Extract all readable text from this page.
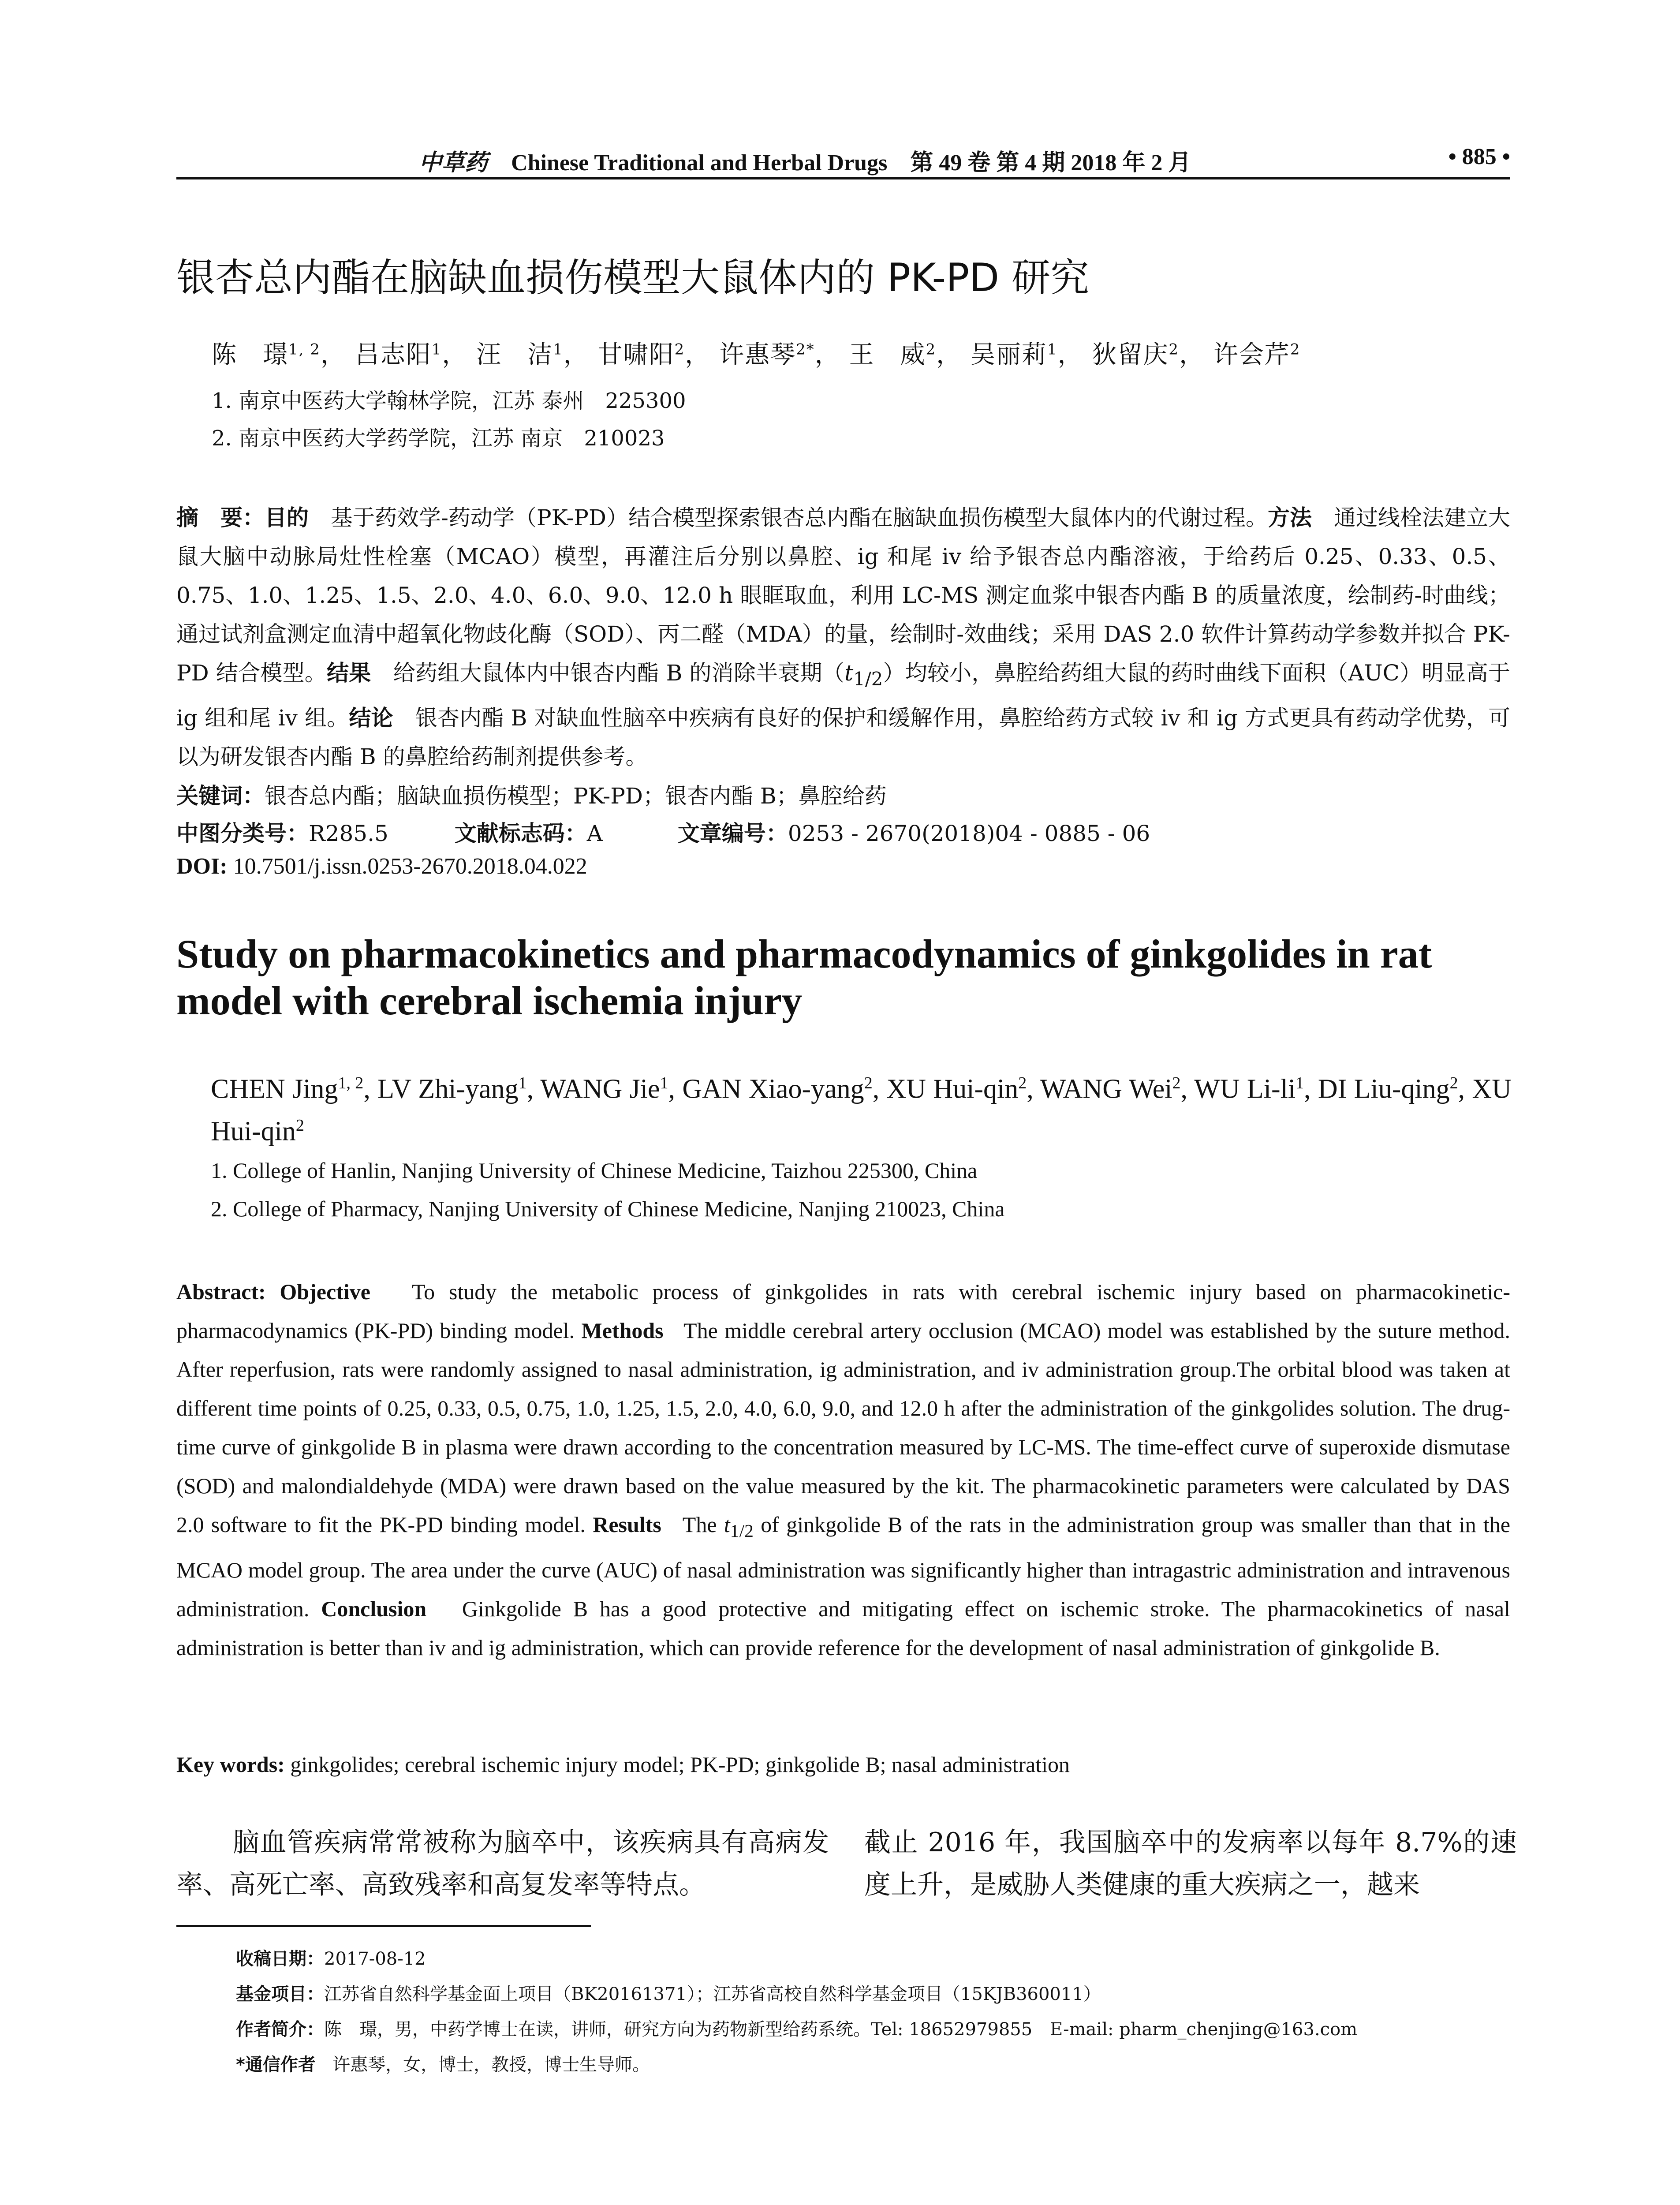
中草药 Chinese Traditional and Herbal Drugs　第 49 卷 第 4 期 2018 年 2 月	• 885 •
银杏总内酯在脑缺血损伤模型大鼠体内的 PK-PD 研究
陈　璟$^{1, 2}$， 吕志阳$^1$， 汪　洁$^1$， 甘啸阳$^2$， 许惠琴$^{2*}$， 王　威$^2$， 吴丽莉$^1$， 狄留庆$^2$， 许会芹$^2$
1. 南京中医药大学翰林学院，江苏 泰州　225300
2. 南京中医药大学药学院，江苏 南京　210023
摘　要：目的　 基于药效学-药动学（PK-PD）结合模型探索银杏总内酯在脑缺血损伤模型大鼠体内的代谢过程。方法　 通过线栓法建立大鼠大脑中动脉局灶性栓塞（MCAO）模型，再灌注后分别以鼻腔、ig 和尾 iv 给予银杏总内酯溶液，于给药后 0.25、0.33、0.5、0.75、1.0、1.25、1.5、2.0、4.0、6.0、9.0、12.0 h 眼眶取血，利用 LC-MS 测定血浆中银杏内酯 B 的质量浓度，绘制药-时曲线；通过试剂盒测定血清中超氧化物歧化酶（SOD）、丙二醛（MDA）的量，绘制时-效曲线；采用 DAS 2.0 软件计算药动学参数并拟合 PK-PD 结合模型。结果　 给药组大鼠体内中银杏内酯 B 的消除半衰期$(t_{1/2})$均较小，鼻腔给药组大鼠的药时曲线下面积（AUC）明显高于 ig 组和尾 iv 组。结论　 银杏内酯 B 对缺血性脑卒中疾病有良好的保护和缓解作用，鼻腔给药方式较 iv 和 ig 方式更具有药动学优势，可以为研发银杏内酯 B 的鼻腔给药制剂提供参考。
关键词：银杏总内酯；脑缺血损伤模型；PK-PD；银杏内酯 B；鼻腔给药
中图分类号：R285.5	文献标志码：A	文章编号：0253 - 2670(2018)04 - 0885 - 06
DOI: 10.7501/j.issn.0253-2670.2018.04.022
Study on pharmacokinetics and pharmacodynamics of ginkgolides in rat model with cerebral ischemia injury
CHEN Jing$^{1, 2}$, LV Zhi-yang$^1$, WANG Jie$^1$, GAN Xiao-yang$^2$, XU Hui-qin$^2$, WANG Wei$^2$, WU $Li-li^1$, DI Liu-qing$^2$, XU Hui-qin$^2$
1. College of Hanlin, Nanjing University of Chinese Medicine, Taizhou 225300, China
2. College of Pharmacy, Nanjing University of Chinese Medicine, Nanjing 210023, China
Abstract: Objective To study the metabolic process of ginkgolides in rats with cerebral ischemic injury based on pharmacokinetic-pharmacodynamics (PK-PD) binding model. Methods The middle cerebral artery occlusion (MCAO) model was established by the suture method. After reperfusion, rats were randomly assigned to nasal administration, ig administration, and iv administration group.The orbital blood was taken at different time points of 0.25, 0.33, 0.5, 0.75, 1.0, 1.25, 1.5, 2.0, 4.0, 6.0, 9.0, and 12.0 h after the administration of the ginkgolides solution. The drug-time curve of ginkgolide B in plasma were drawn according to the concentration measured by LC-MS. The time-effect curve of superoxide dismutase (SOD) and malondialdehyde (MDA) were drawn based on the value measured by the kit. The pharmacokinetic parameters were calculated by DAS 2.0 software to fit the PK-PD binding model. Results The $t_{1/2}$ of ginkgolide B of the rats in the administration group was smaller than that in the MCAO model group. The area under the curve (AUC) of nasal administration was significantly higher than intragastric administration and intravenous administration. Conclusion Ginkgolide B has a good protective and mitigating effect on ischemic stroke. The pharmacokinetics of nasal administration is better than iv and ig administration, which can provide reference for the development of nasal administration of ginkgolide B.
Key words: ginkgolides; cerebral ischemic injury model; PK-PD; ginkgolide B; nasal administration
脑血管疾病常常被称为脑卒中，该疾病具有高病发率、高死亡率、高致残率和高复发率等特点。
截止 2016 年，我国脑卒中的发病率以每年 8.7%的速度上升，是威胁人类健康的重大疾病之一，越来
收稿日期：2017-08-12
基金项目：江苏省自然科学基金面上项目（BK20161371）；江苏省高校自然科学基金项目（15KJB360011）
作者简介：陈　璟，男，中药学博士在读，讲师，研究方向为药物新型给药系统。Tel: 18652979855　E-mail: pharm_chenjing@163.com
*通信作者 许惠琴，女，博士，教授，博士生导师。
